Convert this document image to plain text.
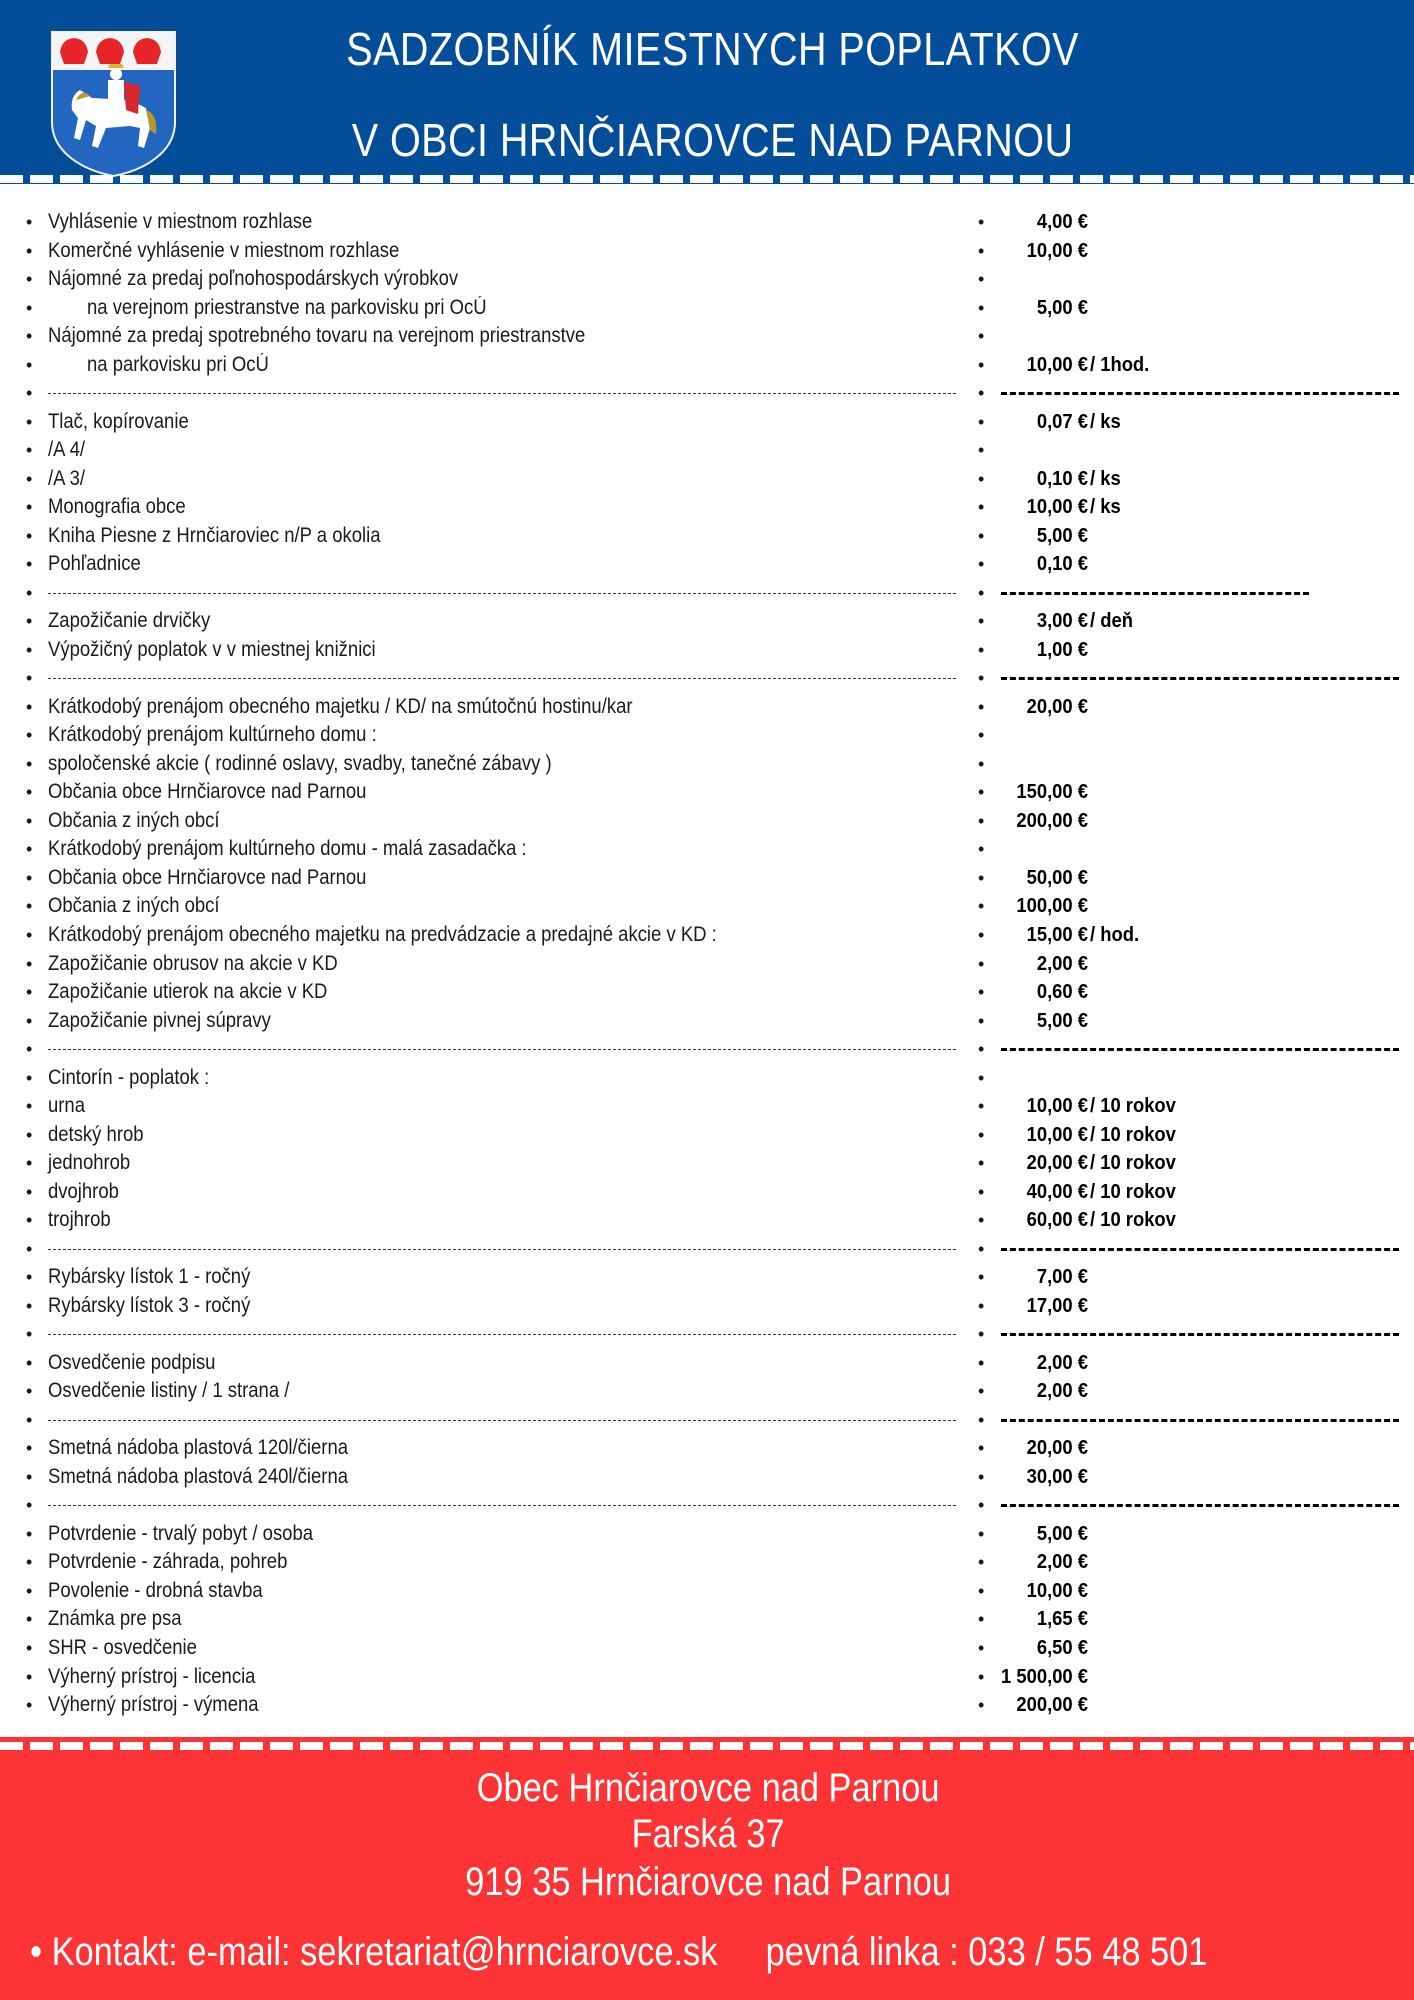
SADZOBNÍK MIESTNYCH POPLATKOV
V OBCI HRNČIAROVCE NAD PARNOU
•	•
Vyhlásenie v miestnom rozhlase	4,00 €
•	•
Komerčné vyhlásenie v miestnom rozhlase	10,00 €
•	•
Nájomné za predaj poľnohospodárskych výrobkov
•	•
na verejnom priestranstve na parkovisku pri OcÚ	5,00 €
•	•
Nájomné za predaj spotrebného tovaru na verejnom priestranstve
•	•
na parkovisku pri OcÚ	10,00 € / 1hod.
•	•
•	•
Tlač, kopírovanie	0,07 € / ks
•	•
/A 4/
•	•
/A 3/	0,10 € / ks
•	•
Monografia obce	10,00 € / ks
•	•
Kniha Piesne z Hrnčiaroviec n/P a okolia	5,00 €
•	•
Pohľadnice	0,10 €
•	•
•	•
Zapožičanie drvičky	3,00 € / deň
•	•
Výpožičný poplatok v v miestnej knižnici	1,00 €
•	•
•	•
Krátkodobý prenájom obecného majetku / KD/ na smútočnú hostinu/kar	20,00 €
•	•
Krátkodobý prenájom kultúrneho domu :
•	•
spoločenské akcie ( rodinné oslavy, svadby, tanečné zábavy )
•	•
Občania obce Hrnčiarovce nad Parnou	150,00 €
•	•
Občania z iných obcí	200,00 €
•	•
Krátkodobý prenájom kultúrneho domu - malá zasadačka :
•	•
Občania obce Hrnčiarovce nad Parnou	50,00 €
•	•
Občania z iných obcí	100,00 €
•	•
Krátkodobý prenájom obecného majetku na predvádzacie a predajné akcie v KD :	15,00 € / hod.
•	•
Zapožičanie obrusov na akcie v KD	2,00 €
•	•
Zapožičanie utierok na akcie v KD	0,60 €
•	•
Zapožičanie pivnej súpravy	5,00 €
•	•
•	•
Cintorín - poplatok :
•	•
urna	10,00 € / 10 rokov
•	•
detský hrob	10,00 € / 10 rokov
•	•
jednohrob	20,00 € / 10 rokov
•	•
dvojhrob	40,00 € / 10 rokov
•	•
trojhrob	60,00 € / 10 rokov
•	•
•	•
Rybársky lístok 1 - ročný	7,00 €
•	•
Rybársky lístok 3 - ročný	17,00 €
•	•
•	•
Osvedčenie podpisu	2,00 €
•	•
Osvedčenie listiny / 1 strana /	2,00 €
•	•
•	•
Smetná nádoba plastová 120l/čierna	20,00 €
•	•
Smetná nádoba plastová 240l/čierna	30,00 €
•	•
•	•
Potvrdenie - trvalý pobyt / osoba	5,00 €
•	•
Potvrdenie - záhrada, pohreb	2,00 €
•	•
Povolenie - drobná stavba	10,00 €
•	•
Známka pre psa	1,65 €
•	•
SHR - osvedčenie	6,50 €
•	•
Výherný prístroj - licencia	1 500,00 €
•	•
Výherný prístroj - výmena	200,00 €
Obec Hrnčiarovce nad Parnou
Farská 37
919 35 Hrnčiarovce nad Parnou
• Kontakt: e-mail: sekretariat@hrnciarovce.sk pevná linka : 033 / 55 48 501
